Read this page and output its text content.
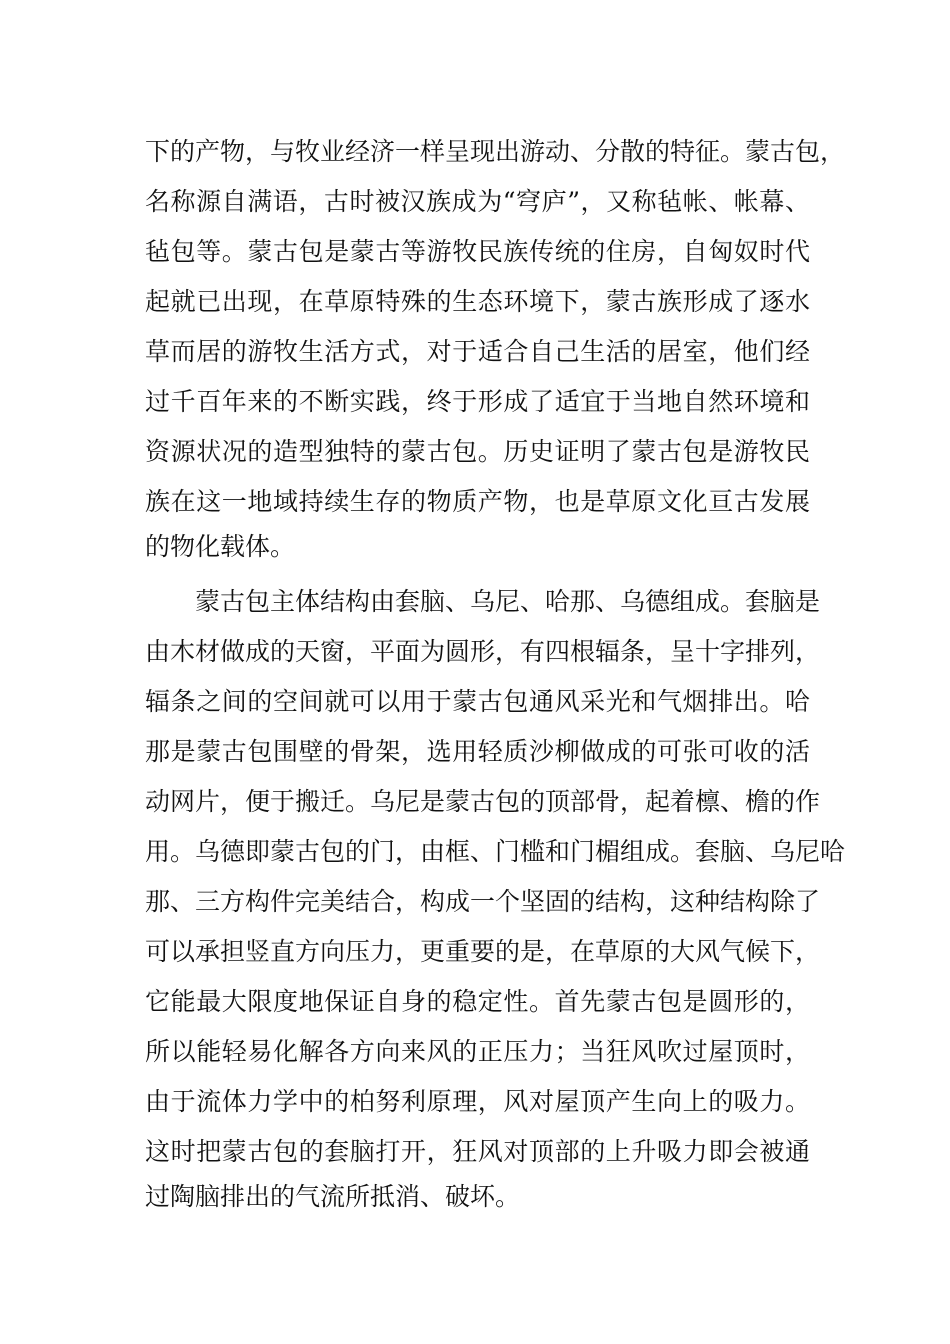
下的产物，与牧业经济一样呈现出游动、分散的特征。蒙古包，
名称源自满语，古时被汉族成为“穹庐”，又称毡帐、帐幕、
毡包等。蒙古包是蒙古等游牧民族传统的住房，自匈奴时代
起就已出现，在草原特殊的生态环境下，蒙古族形成了逐水
草而居的游牧生活方式，对于适合自己生活的居室，他们经
过千百年来的不断实践，终于形成了适宜于当地自然环境和
资源状况的造型独特的蒙古包。历史证明了蒙古包是游牧民
族在这一地域持续生存的物质产物，也是草原文化亘古发展
的物化载体。
蒙古包主体结构由套脑、乌尼、哈那、乌德组成。套脑是
由木材做成的天窗，平面为圆形，有四根辐条，呈十字排列，
辐条之间的空间就可以用于蒙古包通风采光和气烟排出。哈
那是蒙古包围壁的骨架，选用轻质沙柳做成的可张可收的活
动网片，便于搬迁。乌尼是蒙古包的顶部骨，起着檩、檐的作
用。乌德即蒙古包的门，由框、门槛和门楣组成。套脑、乌尼哈
那、三方构件完美结合，构成一个坚固的结构，这种结构除了
可以承担竖直方向压力，更重要的是，在草原的大风气候下，
它能最大限度地保证自身的稳定性。首先蒙古包是圆形的，
所以能轻易化解各方向来风的正压力；当狂风吹过屋顶时，
由于流体力学中的柏努利原理，风对屋顶产生向上的吸力。
这时把蒙古包的套脑打开，狂风对顶部的上升吸力即会被通
过陶脑排出的气流所抵消、破坏。
